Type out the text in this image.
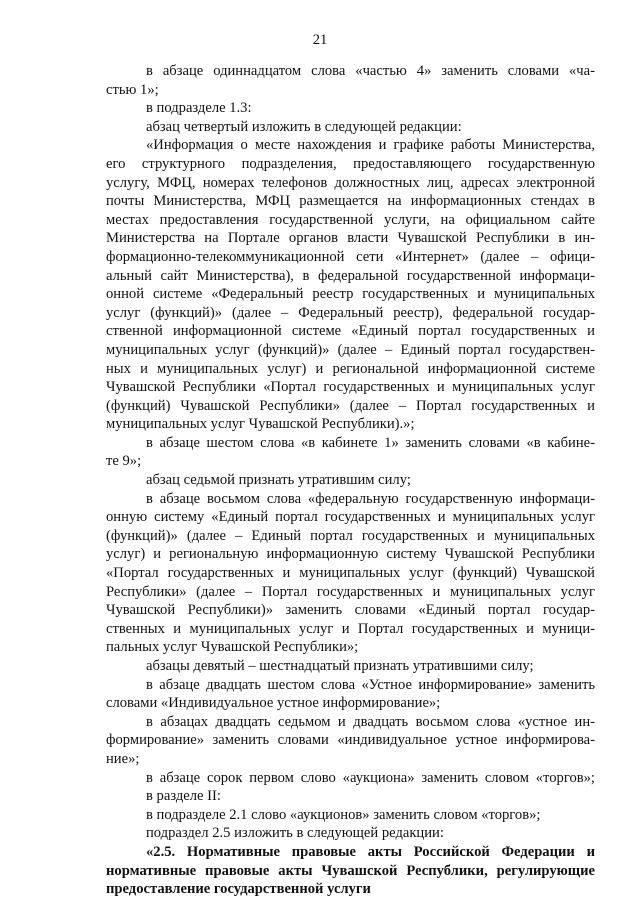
21
в абзаце одиннадцатом слова «частью 4» заменить словами «ча-
стью 1»;
в подразделе 1.3:
абзац четвертый изложить в следующей редакции:
«Информация о месте нахождения и графике работы Министерства,
его структурного подразделения, предоставляющего государственную
услугу, МФЦ, номерах телефонов должностных лиц, адресах электронной
почты Министерства, МФЦ размещается на информационных стендах в
местах предоставления государственной услуги, на официальном сайте
Министерства на Портале органов власти Чувашской Республики в ин-
формационно-телекоммуникационной сети «Интернет» (далее – офици-
альный сайт Министерства), в федеральной государственной информаци-
онной системе «Федеральный реестр государственных и муниципальных
услуг (функций)» (далее – Федеральный реестр), федеральной государ-
ственной информационной системе «Единый портал государственных и
муниципальных услуг (функций)» (далее – Единый портал государствен-
ных и муниципальных услуг) и региональной информационной системе
Чувашской Республики «Портал государственных и муниципальных услуг
(функций) Чувашской Республики» (далее – Портал государственных и
муниципальных услуг Чувашской Республики).»;
в абзаце шестом слова «в кабинете 1» заменить словами «в кабине-
те 9»;
абзац седьмой признать утратившим силу;
в абзаце восьмом слова «федеральную государственную информаци-
онную систему «Единый портал государственных и муниципальных услуг
(функций)» (далее – Единый портал государственных и муниципальных
услуг) и региональную информационную систему Чувашской Республики
«Портал государственных и муниципальных услуг (функций) Чувашской
Республики» (далее – Портал государственных и муниципальных услуг
Чувашской Республики)» заменить словами «Единый портал государ-
ственных и муниципальных услуг и Портал государственных и муници-
пальных услуг Чувашской Республики»;
абзацы девятый – шестнадцатый признать утратившими силу;
в абзаце двадцать шестом слова «Устное информирование» заменить
словами «Индивидуальное устное информирование»;
в абзацах двадцать седьмом и двадцать восьмом слова «устное ин-
формирование» заменить словами «индивидуальное устное информирова-
ние»;
в абзаце сорок первом слово «аукциона» заменить словом «торгов»;
в разделе II:
в подразделе 2.1 слово «аукционов» заменить словом «торгов»;
подраздел 2.5 изложить в следующей редакции:
«2.5. Нормативные правовые акты Российской Федерации и
нормативные правовые акты Чувашской Республики, регулирующие
предоставление государственной услуги
